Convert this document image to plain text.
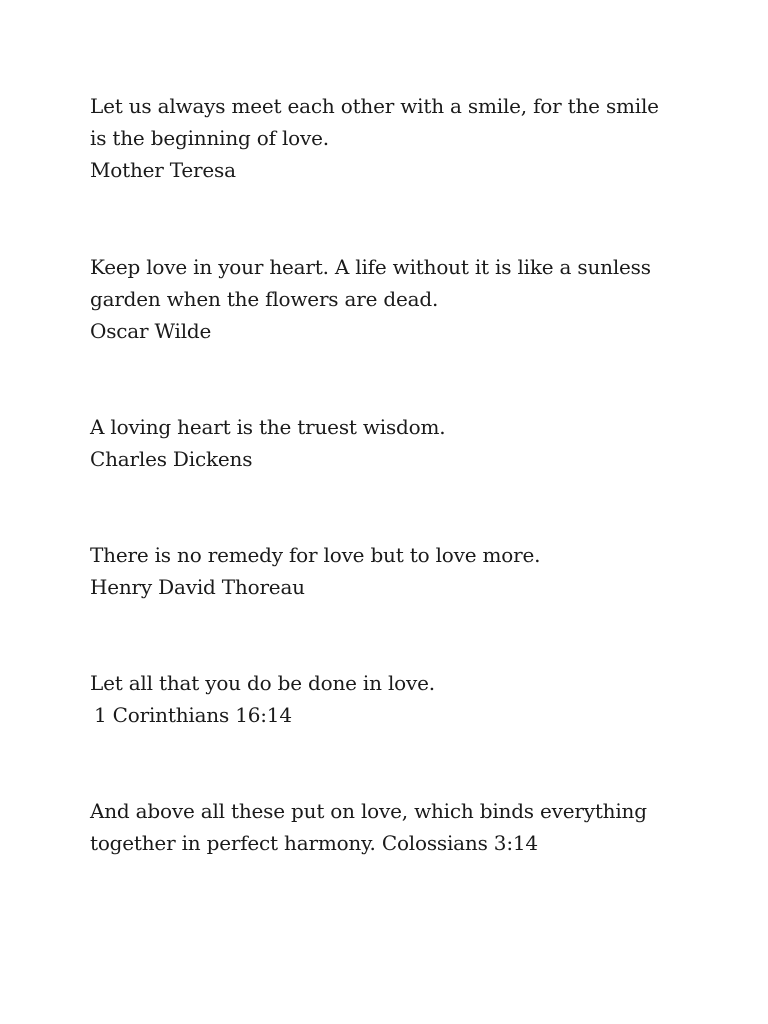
Let us always meet each other with a smile, for the smile
is the beginning of love.
Mother Teresa
Keep love in your heart. A life without it is like a sunless
garden when the flowers are dead.
Oscar Wilde
A loving heart is the truest wisdom.
Charles Dickens
There is no remedy for love but to love more.
Henry David Thoreau
Let all that you do be done in love.
1 Corinthians 16:14
And above all these put on love, which binds everything
together in perfect harmony. Colossians 3:14
